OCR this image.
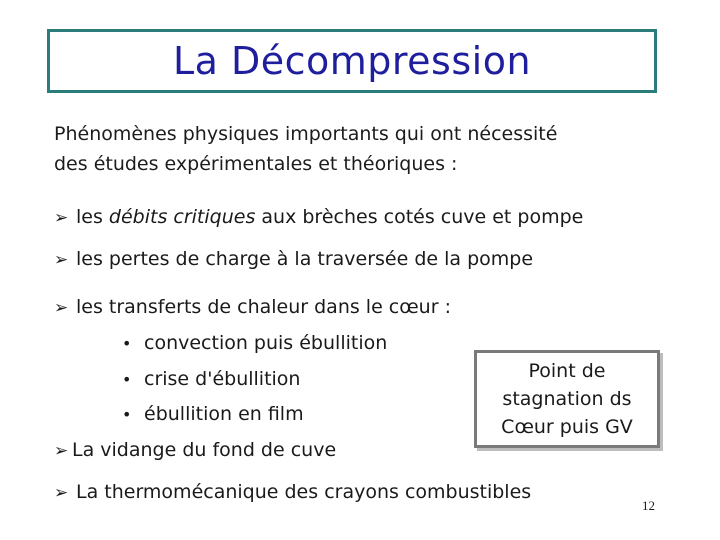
La Décompression
Phénomènes physiques importants qui ont nécessité
des études expérimentales et théoriques :
➢ les débits critiques aux brèches cotés cuve et pompe
➢ les pertes de charge à la traversée de la pompe
➢ les transferts de chaleur dans le cœur :
• convection puis ébullition
• crise d'ébullition
• ébullition en film
➢ La vidange du fond de cuve
Point de
stagnation ds
Cœur puis GV
➢ La thermomécanique des crayons combustibles
12
